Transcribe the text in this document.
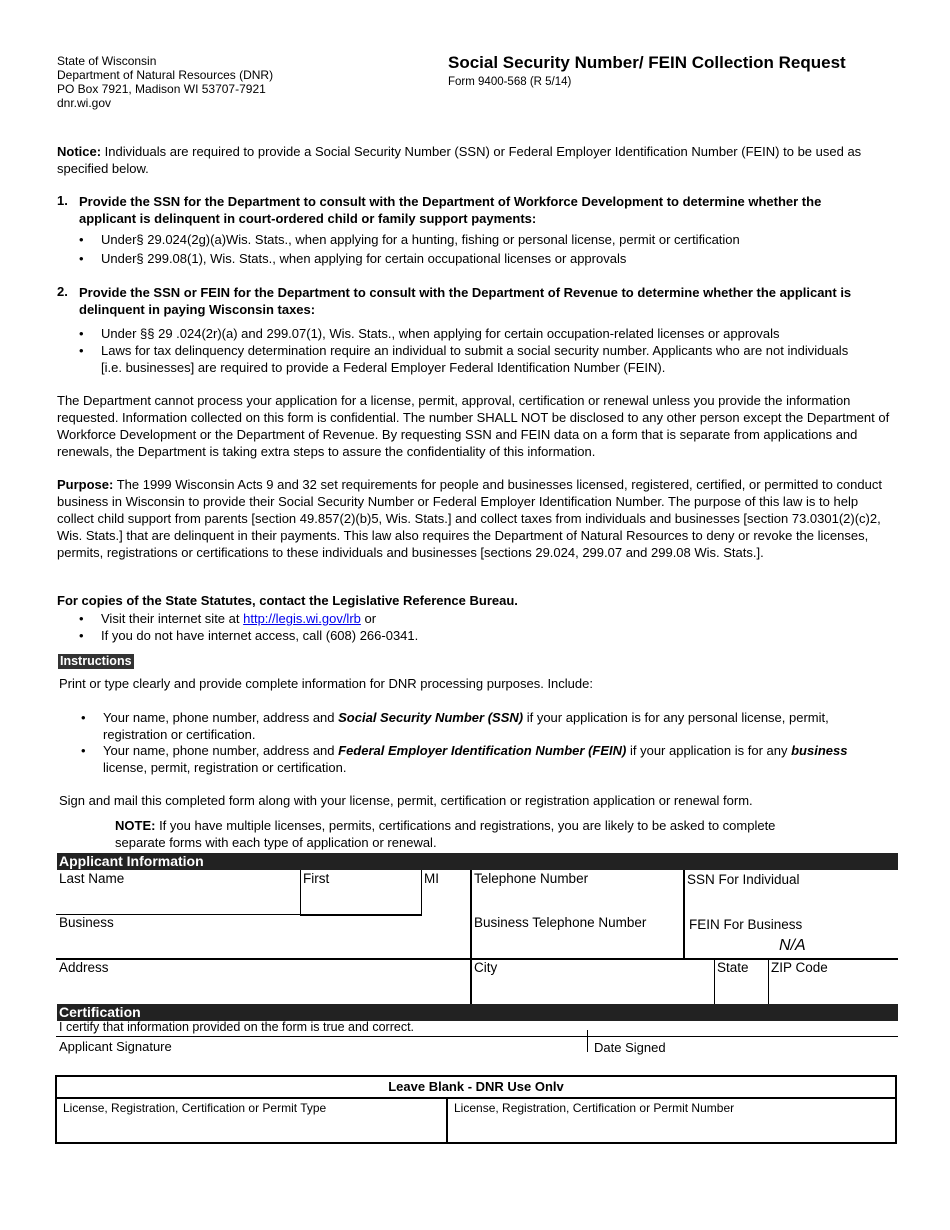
State of Wisconsin
Department of Natural Resources (DNR)
PO Box 7921, Madison WI 53707-7921
dnr.wi.gov
Social Security Number/ FEIN Collection Request
Form 9400-568 (R 5/14)

Notice: Individuals are required to provide a Social Security Number (SSN) or Federal Employer Identification Number (FEIN) to be used as specified below.

1. Provide the SSN for the Department to consult with the Department of Workforce Development to determine whether the applicant is delinquent in court-ordered child or family support payments:

• Under§ 29.024(2g)(a)Wis. Stats., when applying for a hunting, fishing or personal license, permit or certification
• Under§ 299.08(1), Wis. Stats., when applying for certain occupational licenses or approvals
2. Provide the SSN or FEIN for the Department to consult with the Department of Revenue to determine whether the applicant is delinquent in paying Wisconsin taxes:

• Under §§ 29 .024(2r)(a) and 299.07(1), Wis. Stats., when applying for certain occupation-related licenses or approvals
• Laws for tax delinquency determination require an individual to submit a social security number. Applicants who are not individuals [i.e. businesses] are required to provide a Federal Employer Federal Identification Number (FEIN).

The Department cannot process your application for a license, permit, approval, certification or renewal unless you provide the information requested. Information collected on this form is confidential. The number SHALL NOT be disclosed to any other person except the Department of Workforce Development or the Department of Revenue. By requesting SSN and FEIN data on a form that is separate from applications and renewals, the Department is taking extra steps to assure the confidentiality of this information.

Purpose: The 1999 Wisconsin Acts 9 and 32 set requirements for people and businesses licensed, registered, certified, or permitted to conduct business in Wisconsin to provide their Social Security Number or Federal Employer Identification Number. The purpose of this law is to help collect child support from parents [section 49.857(2)(b)5, Wis. Stats.] and collect taxes from individuals and businesses [section 73.0301(2)(c)2, Wis. Stats.] that are delinquent in their payments. This law also requires the Department of Natural Resources to deny or revoke the licenses, permits, registrations or certifications to these individuals and businesses [sections 29.024, 299.07 and 299.08 Wis. Stats.].

For copies of the State Statutes, contact the Legislative Reference Bureau.
• Visit their internet site at http://legis.wi.gov/lrb or
• If you do not have internet access, call (608) 266-0341.
Instructions
Print or type clearly and provide complete information for DNR processing purposes. Include:
• Your name, phone number, address and Social Security Number (SSN) if your application is for any personal license, permit, registration or certification.
• Your name, phone number, address and Federal Employer Identification Number (FEIN) if your application is for any business license, permit, registration or certification.
Sign and mail this completed form along with your license, permit, certification or registration application or renewal form.

NOTE: If you have multiple licenses, permits, certifications and registrations, you are likely to be asked to complete separate forms with each type of application or renewal.

Applicant Information
Last Name	First	MI	Telephone Number	SSN For Individual
Business	Business Telephone Number	FEIN For Business
N/A
Address	City	State ZIP Code
Certification
I certify that information provided on the form is true and correct.
Applicant Signature	Date Signed
Leave Blank - DNR Use Onlv
License, Registration, Certification or Permit Type	License, Registration, Certification or Permit Number
